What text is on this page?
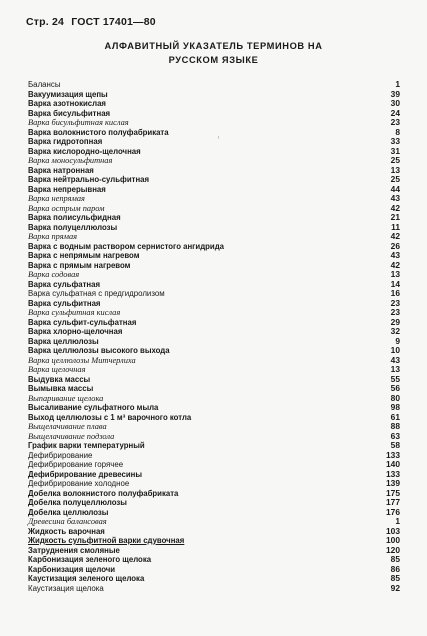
Стр. 24 ГОСТ 17401—80
АЛФАВИТНЫЙ УКАЗАТЕЛЬ ТЕРМИНОВ НА
РУССКОМ ЯЗЫКЕ
ᵗ
Балансы	1
Вакуумизация щепы	39
Варка азотнокислая	30
Варка бисульфитная	24
Варка бисульфитная кислая	23
Варка волокнистого полуфабриката	8
Варка гидротопная	33
Варка кислородно-щелочная	31
Варка моносульфитная	25
Варка натронная	13
Варка нейтрально-сульфитная	25
Варка непрерывная	44
Варка непрямая	43
Варка острым паром	42
Варка полисульфидная	21
Варка полуцеллюлозы	11
Варка прямая	42
Варка с водным раствором сернистого ангидрида	26
Варка с непрямым нагревом	43
Варка с прямым нагревом	42
Варка содовая	13
Варка сульфатная	14
Варка сульфатная с предгидролизом	16
Варка сульфитная	23
Варка сульфитная кислая	23
Варка сульфит-сульфатная	29
Варка хлорно-щелочная	32
Варка целлюлозы	9
Варка целлюлозы высокого выхода	10
Варка целлюлозы Митчерлиха	43
Варка щелочная	13
Выдувка массы	55
Вымывка массы	56
Выпаривание щелока	80
Высаливание сульфатного мыла	98
Выход целлюлозы с 1 м³ варочного котла	61
Выщелачивание плава	88
Выщелачивание подзола	63
График варки температурный	58
Дефибрирование	133
Дефибрирование горячее	140
Дефибрирование древесины	133
Дефибрирование холодное	139
Добелка волокнистого полуфабриката	175
Добелка полуцеллюлозы	177
Добелка целлюлозы	176
Древесина балансовая	1
Жидкость варочная	103
Жидкость сульфитной варки сдувочная	100
Затруднения смоляные	120
Карбонизация зеленого щелока	85
Карбонизация щелочи	86
Каустизация зеленого щелока	85
Каустизация щелока	92
